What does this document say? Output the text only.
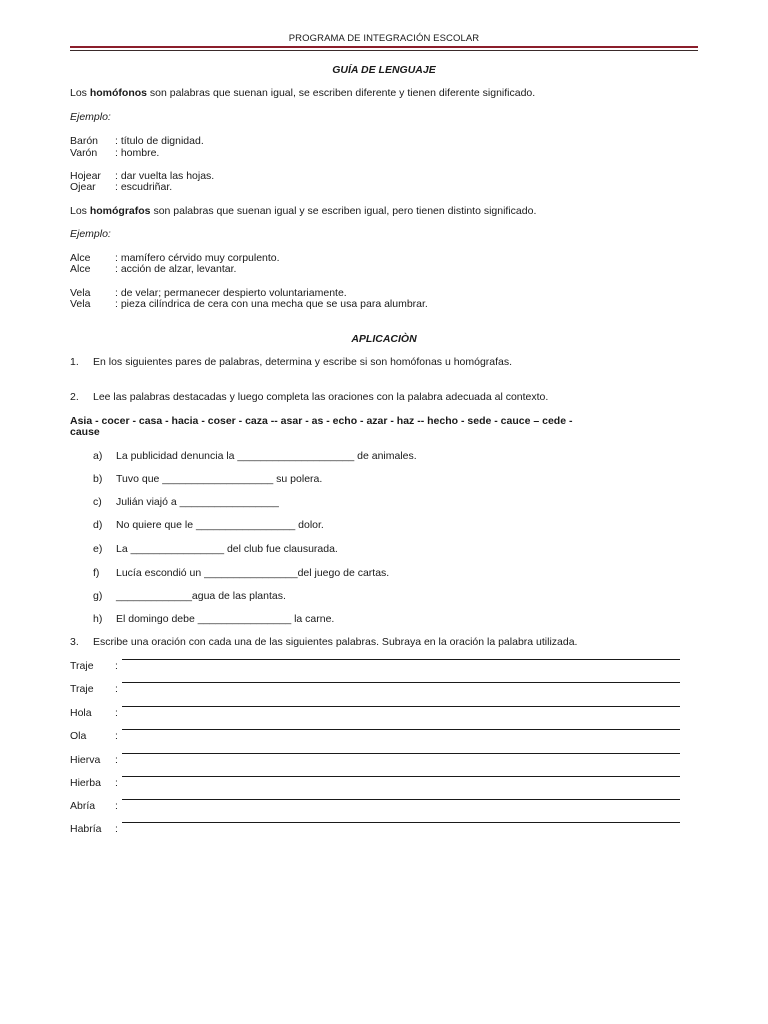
PROGRAMA DE INTEGRACIÓN ESCOLAR
GUÍA DE LENGUAJE
Los homófonos son palabras que suenan igual, se escriben diferente y tienen diferente significado.
Ejemplo:
Barón : título de dignidad.
Varón : hombre.
Hojear : dar vuelta las hojas.
Ojear : escudriñar.
Los homógrafos son palabras que suenan igual y se escriben igual, pero tienen distinto significado.
Ejemplo:
Alce : mamífero cérvido muy corpulento.
Alce : acción de alzar, levantar.
Vela : de velar; permanecer despierto voluntariamente.
Vela : pieza cilíndrica de cera con una mecha que se usa para alumbrar.
APLICACIÒN
1. En los siguientes pares de palabras, determina y escribe si son homófonas u homógrafas.
2. Lee las palabras destacadas y luego completa las oraciones con la palabra adecuada al contexto.
Asia - cocer - casa - hacia - coser - caza -- asar - as - echo - azar - haz -- hecho - sede - cauce – cede -
cause
a) La publicidad denuncia la ____________________ de animales.
b) Tuvo que ___________________ su polera.
c) Julián viajó a _________________
d) No quiere que le _________________ dolor.
e) La ________________ del club fue clausurada.
f) Lucía escondió un ________________del juego de cartas.
g) _____________agua de las plantas.
h) El domingo debe ________________ la carne.
3. Escribe una oración con cada una de las siguientes palabras. Subraya en la oración la palabra utilizada.
Traje :
Traje :
Hola :
Ola	:
Hierva :
Hierba :
Abría :
Habría :
